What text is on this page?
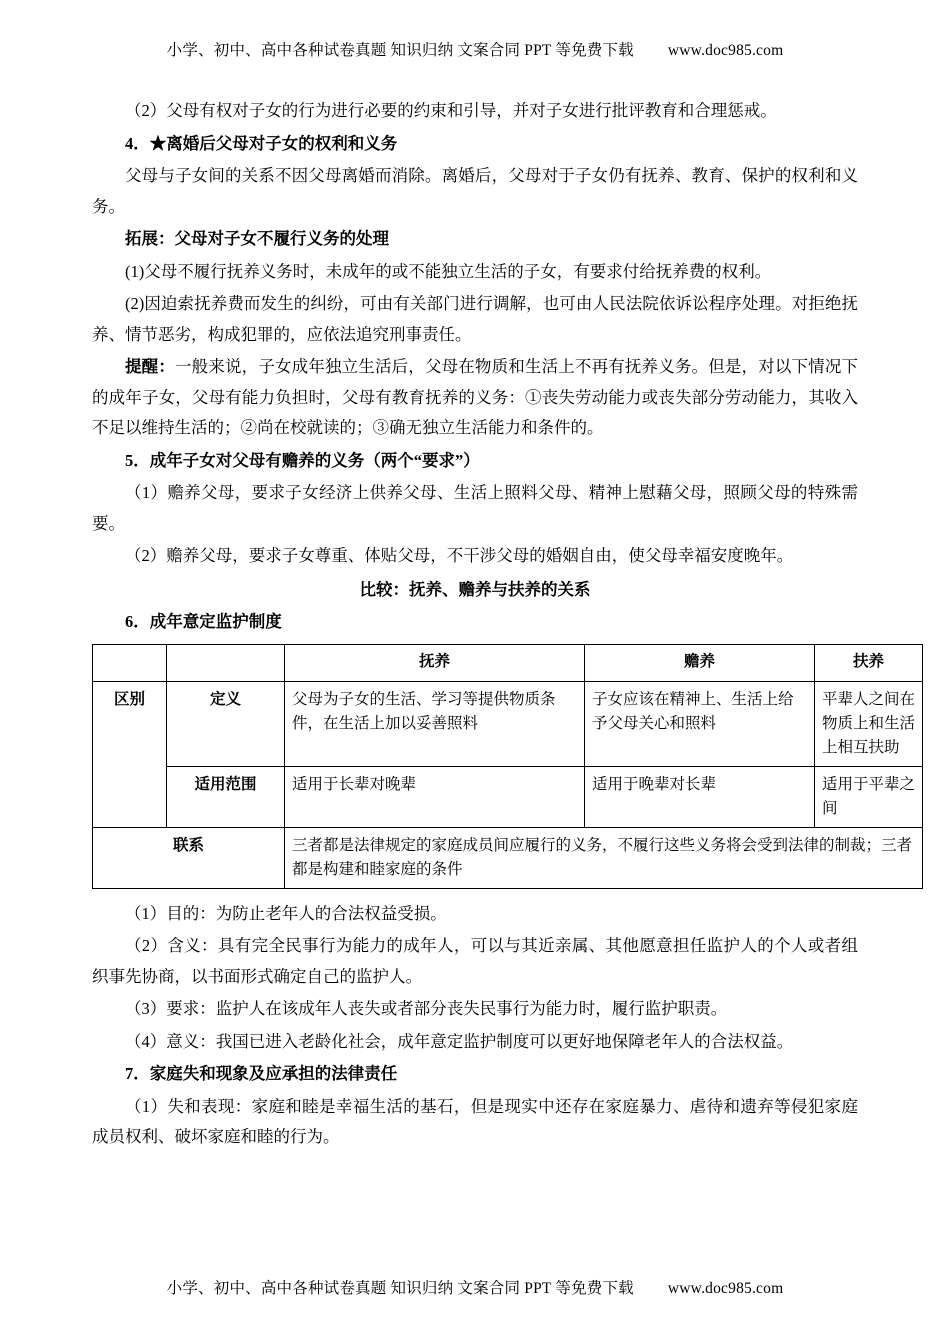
小学、初中、高中各种试卷真题 知识归纳 文案合同 PPT 等免费下载 www.doc985.com

（2）父母有权对子女的行为进行必要的约束和引导，并对子女进行批评教育和合理惩戒。

4．★离婚后父母对子女的权利和义务

父母与子女间的关系不因父母离婚而消除。离婚后，父母对于子女仍有抚养、教育、保护的权利和义务。

拓展：父母对子女不履行义务的处理

(1)父母不履行抚养义务时，未成年的或不能独立生活的子女，有要求付给抚养费的权利。

(2)因迫索抚养费而发生的纠纷，可由有关部门进行调解，也可由人民法院依诉讼程序处理。对拒绝抚养、情节恶劣，构成犯罪的，应依法追究刑事责任。

提醒：一般来说，子女成年独立生活后，父母在物质和生活上不再有抚养义务。但是，对以下情况下的成年子女，父母有能力负担时，父母有教育抚养的义务：①丧失劳动能力或丧失部分劳动能力，其收入不足以维持生活的；②尚在校就读的；③确无独立生活能力和条件的。

5．成年子女对父母有赡养的义务（两个“要求”）

（1）赡养父母，要求子女经济上供养父母、生活上照料父母、精神上慰藉父母，照顾父母的特殊需要。

（2）赡养父母，要求子女尊重、体贴父母，不干涉父母的婚姻自由，使父母幸福安度晚年。

比较：抚养、赡养与扶养的关系

6．成年意定监护制度

		抚养	赡养	扶养
区别	定义	父母为子女的生活、学习等提供物质条件，在生活上加以妥善照料	子女应该在精神上、生活上给予父母关心和照料	平辈人之间在物质上和生活上相互扶助
	适用范围	适用于长辈对晚辈	适用于晚辈对长辈	适用于平辈之间
联系		三者都是法律规定的家庭成员间应履行的义务，不履行这些义务将会受到法律的制裁；三者都是构建和睦家庭的条件		

（1）目的：为防止老年人的合法权益受损。

（2）含义：具有完全民事行为能力的成年人，可以与其近亲属、其他愿意担任监护人的个人或者组织事先协商，以书面形式确定自己的监护人。

（3）要求：监护人在该成年人丧失或者部分丧失民事行为能力时，履行监护职责。

（4）意义：我国已进入老龄化社会，成年意定监护制度可以更好地保障老年人的合法权益。

7．家庭失和现象及应承担的法律责任

（1）失和表现：家庭和睦是幸福生活的基石，但是现实中还存在家庭暴力、虐待和遗弃等侵犯家庭成员权利、破坏家庭和睦的行为。

小学、初中、高中各种试卷真题 知识归纳 文案合同 PPT 等免费下载 www.doc985.com
